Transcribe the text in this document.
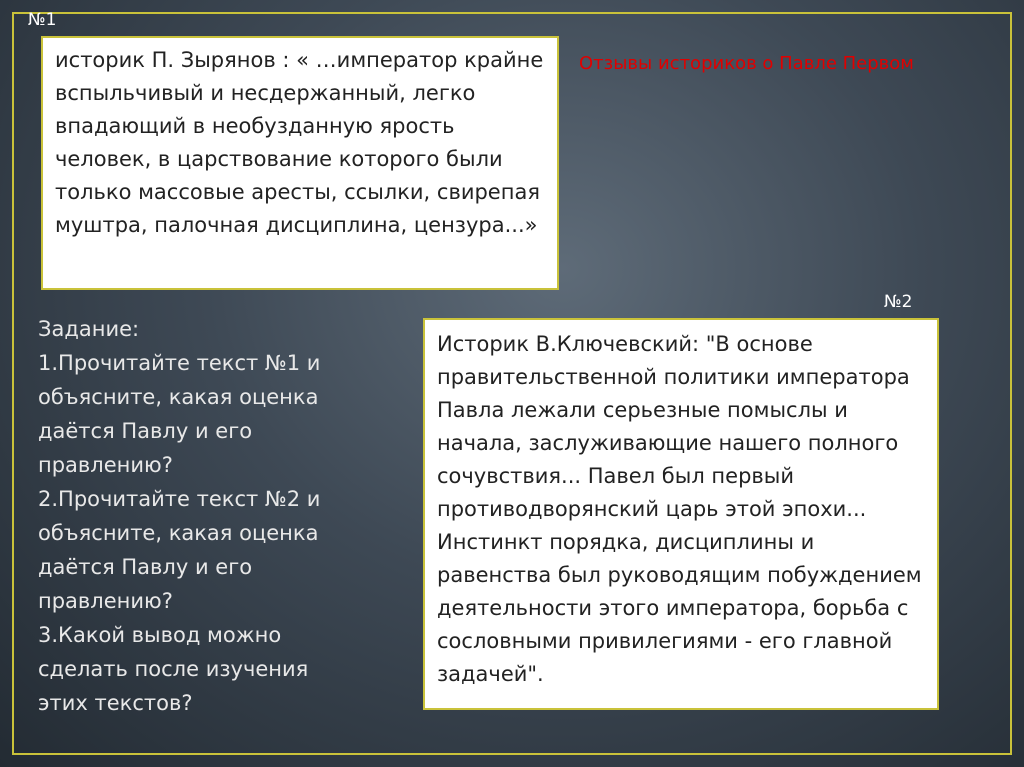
№1
историк П. Зырянов : « …император крайне вспыльчивый и несдержанный, легко впадающий в необузданную ярость человек, в царствование которого были только массовые аресты, ссылки, свирепая муштра, палочная дисциплина, цензура...»
Отзывы историков о Павле Первом
№2
Задание:
1.Прочитайте текст №1 и объясните, какая оценка даётся Павлу и его правлению?
2.Прочитайте текст №2 и объясните, какая оценка даётся Павлу и его правлению?
3.Какой вывод можно сделать после изучения этих текстов?
Историк В.Ключевский: "В основе правительственной политики императора Павла лежали серьезные помыслы и начала, заслуживающие нашего полного сочувствия... Павел был первый противодворянский царь этой эпохи... Инстинкт порядка, дисциплины и равенства был руководящим побуждением деятельности этого императора, борьба с сословными привилегиями - его главной задачей".
